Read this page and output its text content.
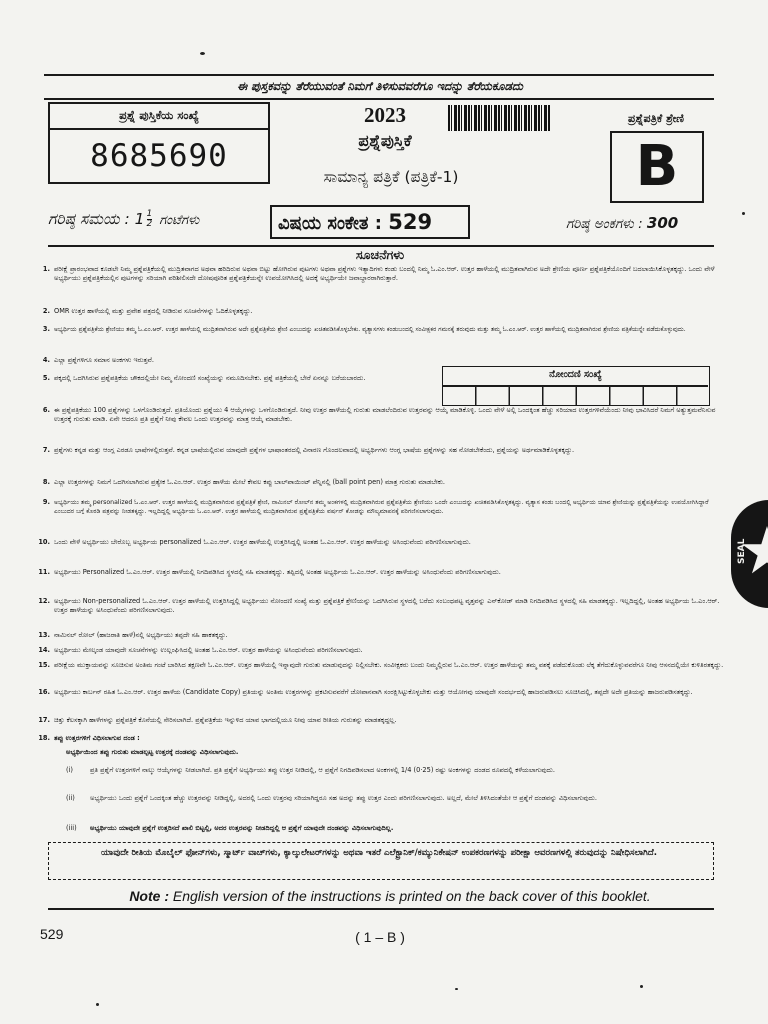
ಈ ಪುಸ್ತಕವನ್ನು ತೆರೆಯುವಂತೆ ನಿಮಗೆ ತಿಳಿಸುವವರೆಗೂ ಇದನ್ನು ತೆರೆಯಕೂಡದು
ಪ್ರಶ್ನೆ ಪುಸ್ತಿಕೆಯ ಸಂಖ್ಯೆ
8685690
2023
ಪ್ರಶ್ನೆಪುಸ್ತಿಕೆ
ಸಾಮಾನ್ಯ ಪತ್ರಿಕೆ (ಪತ್ರಿಕೆ-1)
ಪ್ರಶ್ನೆಪತ್ರಿಕೆ ಶ್ರೇಣಿ
B
ಗರಿಷ್ಠ ಸಮಯ : $1 \frac{1}{2}$ ಗಂಟೆಗಳು	ವಿಷಯ ಸಂಕೇತ : 529	ಗರಿಷ್ಠ ಅಂಕಗಳು : 300
ಸೂಚನೆಗಳು
ನೋಂದಣಿ ಸಂಖ್ಯೆ
1. ಪರೀಕ್ಷೆ ಪ್ರಾರಂಭವಾದ ಕೂಡಲೇ ನಿಮ್ಮ ಪ್ರಶ್ನೆಪತ್ರಿಕೆಯಲ್ಲಿ ಮುದ್ರಿತವಾಗದ ಅಥವಾ ಹರಿದಿರುವ ಅಥವಾ ಬಿಟ್ಟು ಹೋಗಿರುವ ಪುಟಗಳು ಅಥವಾ ಪ್ರಶ್ನೆಗಳು ಇತ್ಯಾದಿಗಳು ಕಂಡು ಬಂದಲ್ಲಿ ನಿಮ್ಮ ಓ.ಎಂ.ಆರ್. ಉತ್ತರ ಹಾಳೆಯಲ್ಲಿ ಮುದ್ರಿತವಾಗಿರುವ ಅದೇ ಶ್ರೇಣಿಯ ಪೂರ್ಣ ಪ್ರಶ್ನೆಪತ್ರಿಕೆಯೊಂದಿಗೆ ಬದಲಾಯಿಸಿಕೊಳ್ಳತಕ್ಕದ್ದು. ಒಂದು ವೇಳೆ ಅಭ್ಯರ್ಥಿಯು ಪ್ರಶ್ನೆಪತ್ರಿಕೆಯಲ್ಲಿನ ಪುಟಗಳನ್ನು ಸರಿಯಾಗಿ ಪರಿಶೀಲಿಸದೇ ದೋಷಪೂರಿತ ಪ್ರಶ್ನೆಪತ್ರಿಕೆಯನ್ನೇ ಉಪಯೋಗಿಸಿದಲ್ಲಿ ಅದಕ್ಕೆ ಅಭ್ಯರ್ಥಿಯೇ ಜವಾಬ್ದಾರರಾಗಿರುತ್ತಾರೆ.
2. OMR ಉತ್ತರ ಹಾಳೆಯಲ್ಲಿ ಮತ್ತು ಪ್ರವೇಶ ಪತ್ರದಲ್ಲಿ ನೀಡಿರುವ ಸೂಚನೆಗಳನ್ನು ಓದಿಕೊಳ್ಳತಕ್ಕದ್ದು.
3. ಅಭ್ಯರ್ಥಿಯ ಪ್ರಶ್ನೆಪತ್ರಿಕೆಯ ಶ್ರೇಣಿಯು ತಮ್ಮ ಓ.ಎಂ.ಆರ್. ಉತ್ತರ ಹಾಳೆಯಲ್ಲಿ ಮುದ್ರಿತವಾಗಿರುವ ಅದೇ ಪ್ರಶ್ನೆಪತ್ರಿಕೆಯ ಶ್ರೇಣಿ ಎಂಬುದನ್ನು ಖಚಿತಪಡಿಸಿಕೊಳ್ಳಬೇಕು. ವ್ಯತ್ಯಾಸಗಳು ಕಂಡುಬಂದಲ್ಲಿ ಸಂವೀಕ್ಷಕರ ಗಮನಕ್ಕೆ ತರುವುದು ಮತ್ತು ತಮ್ಮ ಓ.ಎಂ.ಆರ್. ಉತ್ತರ ಹಾಳೆಯಲ್ಲಿ ಮುದ್ರಿತವಾಗಿರುವ ಶ್ರೇಣಿಯ ಪತ್ರಿಕೆಯನ್ನೇ ಪಡೆದುಕೊಳ್ಳುವುದು.
4. ಎಲ್ಲಾ ಪ್ರಶ್ನೆಗಳಿಗೂ ಸಮಾನ ಅಂಕಗಳು ಇರುತ್ತವೆ.
5. ಪಕ್ಕದಲ್ಲಿ ಒದಗಿಸಿರುವ ಪ್ರಶ್ನೆಪತ್ರಿಕೆಯ ಚೌಕದಲ್ಲಿಯೇ ನಿಮ್ಮ ನೋಂದಣಿ ಸಂಖ್ಯೆಯನ್ನು ನಮೂದಿಸಬೇಕು. ಪ್ರಶ್ನೆ ಪತ್ರಿಕೆಯಲ್ಲಿ ಬೇರೆ ಏನನ್ನೂ ಬರೆಯಬಾರದು.
6. ಈ ಪ್ರಶ್ನೆಪತ್ರಿಕೆಯು 100 ಪ್ರಶ್ನೆಗಳನ್ನು ಒಳಗೊಂಡಿರುತ್ತದೆ. ಪ್ರತಿಯೊಂದು ಪ್ರಶ್ನೆಯು 4 ಆಯ್ಕೆಗಳನ್ನು ಒಳಗೊಂಡಿರುತ್ತದೆ. ನೀವು ಉತ್ತರ ಹಾಳೆಯಲ್ಲಿ ಗುರುತು ಮಾಡಲೆಂದಿರುವ ಉತ್ತರವನ್ನು ಆಯ್ಕೆ ಮಾಡಿಕೊಳ್ಳಿ. ಒಂದು ವೇಳೆ ಅಲ್ಲಿ ಒಂದಕ್ಕಿಂತ ಹೆಚ್ಚು ಸರಿಯಾದ ಉತ್ತರಗಳಿವೆಯೆಂದು ನೀವು ಭಾವಿಸಿದರೆ ನಿಮಗೆ ಅತ್ಯುತ್ತಮವೆನಿಸುವ ಉತ್ತರಕ್ಕೆ ಗುರುತು ಮಾಡಿ. ಏನೇ ಆದರೂ ಪ್ರತಿ ಪ್ರಶ್ನೆಗೆ ನೀವು ಕೇವಲ ಒಂದು ಉತ್ತರವನ್ನು ಮಾತ್ರ ಆಯ್ಕೆ ಮಾಡಬೇಕು.
7. ಪ್ರಶ್ನೆಗಳು ಕನ್ನಡ ಮತ್ತು ಆಂಗ್ಲ ಎರಡೂ ಭಾಷೆಗಳಲ್ಲಿರುತ್ತವೆ. ಕನ್ನಡ ಭಾಷೆಯಲ್ಲಿರುವ ಯಾವುದೇ ಪ್ರಶ್ನೆಗಳ ಭಾಷಾಂತರದಲ್ಲಿ ವಿನಾರಣ ಗೊಂದಲವಾದಲ್ಲಿ ಅಭ್ಯರ್ಥಿಗಳು ಆಂಗ್ಲ ಭಾಷೆಯ ಪ್ರಶ್ನೆಗಳನ್ನು ಸಹ ನೋಡಬೇಕೆಂದು, ಪ್ರಶ್ನೆಯನ್ನು ಅರ್ಥಮಾಡಿಕೊಳ್ಳತಕ್ಕದ್ದು.
8. ಎಲ್ಲಾ ಉತ್ತರಗಳನ್ನು ನಿಮಗೆ ಒದಗಿಸಲಾಗಿರುವ ಪ್ರತ್ಯೇಕ ಓ.ಎಂ.ಆರ್. ಉತ್ತರ ಹಾಳೆಯ ಮೇಲೆ ಕೇವಲ ಕಪ್ಪು ಬಾಲ್‌ಪಾಯಿಂಟ್ ಪೆನ್ನಿನಲ್ಲಿ (ball point pen) ಮಾತ್ರ ಗುರುತು ಮಾಡಬೇಕು.
9. ಅಭ್ಯರ್ಥಿಯು ತಮ್ಮ personalized ಓ.ಎಂ.ಆರ್. ಉತ್ತರ ಹಾಳೆಯಲ್ಲಿ ಮುದ್ರಿತವಾಗಿರುವ ಪ್ರಶ್ನೆಪತ್ರಿಕೆ ಶ್ರೇಣಿ, ನಾಮಿನಲ್ ರೋಲ್‌ನ ತಮ್ಮ ಅಂಕಗಳಲ್ಲಿ ಮುದ್ರಿತವಾಗಿರುವ ಪ್ರಶ್ನೆಪತ್ರಿಕೆಯ ಶ್ರೇಣಿಯು ಒಂದೇ ಎಂಬುದನ್ನು ಖಚಿತಪಡಿಸಿಕೊಳ್ಳತಕ್ಕದ್ದು. ವ್ಯತ್ಯಾಸ ಕಂಡು ಬಂದಲ್ಲಿ ಅಭ್ಯರ್ಥಿಯ ಯಾವ ಶ್ರೇಣಿಯನ್ನು ಪ್ರಶ್ನೆಪತ್ರಿಕೆಯನ್ನು ಉಪಯೋಗಿಸಿದ್ದಾರೆ ಎಂಬುದರ ಬಗ್ಗೆ ಕೊಠಡಿ ಪತ್ರವನ್ನು ನೀಡತಕ್ಕದ್ದು. ಇಲ್ಲದಿದ್ದಲ್ಲಿ ಅಭ್ಯರ್ಥಿಯ ಓ.ಎಂ.ಆರ್. ಉತ್ತರ ಹಾಳೆಯಲ್ಲಿ ಮುದ್ರಿತವಾಗಿರುವ ಪ್ರಶ್ನೆಪತ್ರಿಕೆಯ ವರ್ಷನ್ ಕೋಡನ್ನು ಮೌಲ್ಯಮಾಪನಕ್ಕೆ ಪರಿಗಣಿಸಲಾಗುವುದು.
10. ಒಂದು ವೇಳೆ ಅಭ್ಯರ್ಥಿಯು ಬೇರೊಬ್ಬ ಅಭ್ಯರ್ಥಿಯ personalized ಓ.ಎಂ.ಆರ್. ಉತ್ತರ ಹಾಳೆಯಲ್ಲಿ ಉತ್ತರಿಸಿದ್ದಲ್ಲಿ ಅಂತಹ ಓ.ಎಂ.ಆರ್. ಉತ್ತರ ಹಾಳೆಯನ್ನು ಅಸಿಂಧುವೆಂದು ಪರಿಗಣಿಸಲಾಗುವುದು.
11. ಅಭ್ಯರ್ಥಿಯು Personalized ಓ.ಎಂ.ಆರ್. ಉತ್ತರ ಹಾಳೆಯಲ್ಲಿ ನಿಗದಿಪಡಿಸಿದ ಸ್ಥಳದಲ್ಲಿ ಸಹಿ ಮಾಡತಕ್ಕದ್ದು. ತಪ್ಪಿದಲ್ಲಿ ಅಂತಹ ಅಭ್ಯರ್ಥಿಯ ಓ.ಎಂ.ಆರ್. ಉತ್ತರ ಹಾಳೆಯನ್ನು ಅಸಿಂಧುವೆಂದು ಪರಿಗಣಿಸಲಾಗುವುದು.
12. ಅಭ್ಯರ್ಥಿಯು Non-personalized ಓ.ಎಂ.ಆರ್. ಉತ್ತರ ಹಾಳೆಯಲ್ಲಿ ಉತ್ತರಿಸಿದ್ದಲ್ಲಿ ಅಭ್ಯರ್ಥಿಯು ನೋಂದಣಿ ಸಂಖ್ಯೆ ಮತ್ತು ಪ್ರಶ್ನೆಪತ್ರಿಕೆ ಶ್ರೇಣಿಯನ್ನು ಒದಗಿಸಿರುವ ಸ್ಥಳದಲ್ಲಿ ಬರೆದು ಸಂಬಂಧಪಟ್ಟ ವೃತ್ತವನ್ನು ಎನ್‌ಕೋಡ್ ಮಾಡಿ ನಿಗದಿಪಡಿಸಿದ ಸ್ಥಳದಲ್ಲಿ ಸಹಿ ಮಾಡತಕ್ಕದ್ದು. ಇಲ್ಲದಿದ್ದಲ್ಲಿ, ಅಂತಹ ಅಭ್ಯರ್ಥಿಯ ಓ.ಎಂ.ಆರ್. ಉತ್ತರ ಹಾಳೆಯನ್ನು ಅಸಿಂಧುವೆಂದು ಪರಿಗಣಿಸಲಾಗುವುದು.
13. ನಾಮಿನಲ್ ರೋಲ್ (ಹಾಜರಾತಿ ಹಾಳೆ)ನಲ್ಲಿ ಅಭ್ಯರ್ಥಿಯು ತಪ್ಪದೇ ಸಹಿ ಹಾಕತಕ್ಕದ್ದು.
14. ಅಭ್ಯರ್ಥಿಯು ಮೇಲ್ಕಂಡ ಯಾವುದೇ ಸೂಚನೆಗಳನ್ನು ಉಲ್ಲಂಘಿಸಿದಲ್ಲಿ ಅಂತಹ ಓ.ಎಂ.ಆರ್. ಉತ್ತರ ಹಾಳೆಯನ್ನು ಅಸಿಂಧುವೆಂದು ಪರಿಗಣಿಸಲಾಗುವುದು.
15. ಪರೀಕ್ಷೆಯ ಮುಕ್ತಾಯವನ್ನು ಸೂಚಿಸುವ ಅಂತಿಮ ಗಂಟೆ ಬಾರಿಸಿದ ತಕ್ಷಣವೇ ಓ.ಎಂ.ಆರ್. ಉತ್ತರ ಹಾಳೆಯಲ್ಲಿ ಇನ್ನಾವುದೇ ಗುರುತು ಮಾಡುವುದನ್ನು ನಿಲ್ಲಿಸಬೇಕು. ಸಂವೀಕ್ಷಕರು ಬಂದು ನಿಮ್ಮಲ್ಲಿರುವ ಓ.ಎಂ.ಆರ್. ಉತ್ತರ ಹಾಳೆಯನ್ನು ತಮ್ಮ ವಶಕ್ಕೆ ಪಡೆದುಕೊಂಡು ಲೆಕ್ಕ ತೆಗೆದುಕೊಳ್ಳುವವರೆಗೂ ನೀವು ಆಸನದಲ್ಲಿಯೇ ಕುಳಿತಿರತಕ್ಕದ್ದು.
16. ಅಭ್ಯರ್ಥಿಯು ಕಾರ್ಬನ್ ರಹಿತ ಓ.ಎಂ.ಆರ್. ಉತ್ತರ ಹಾಳೆಯ (Candidate Copy) ಪ್ರತಿಯನ್ನು ಅಂತಿಮ ಉತ್ತರಗಳನ್ನು ಪ್ರಕಟಿಸುವವರೆಗೆ ಜೋಪಾನವಾಗಿ ಸಂರಕ್ಷಿಸಿಟ್ಟುಕೊಳ್ಳಬೇಕು ಮತ್ತು ಆಯೋಗವು ಯಾವುದೇ ಸಂದರ್ಭದಲ್ಲಿ ಹಾಜರುಪಡಿಸಲು ಸೂಚಿಸಿದಲ್ಲಿ, ತಪ್ಪದೇ ಅದೇ ಪ್ರತಿಯನ್ನು ಹಾಜರುಪಡಿಸತಕ್ಕದ್ದು.
17. ಚಿತ್ತು ಕೆಲಸಕ್ಕಾಗಿ ಹಾಳೆಗಳನ್ನು ಪ್ರಶ್ನೆಪತ್ರಿಕೆ ಕೊನೆಯಲ್ಲಿ ಸೇರಿಸಲಾಗಿದೆ. ಪ್ರಶ್ನೆಪತ್ರಿಕೆಯ ಇನ್ನುಳಿದ ಯಾವ ಭಾಗದಲ್ಲಿಯೂ ನೀವು ಯಾವ ರೀತಿಯ ಗುರುತನ್ನು ಮಾಡತಕ್ಕದ್ದಲ್ಲ.
18. ತಪ್ಪು ಉತ್ತರಗಳಿಗೆ ವಿಧಿಸಲಾಗುವ ದಂಡ :
ಅಭ್ಯರ್ಥಿಯಿಂದ ತಪ್ಪು ಗುರುತು ಮಾಡಲ್ಪಟ್ಟ ಉತ್ತರಕ್ಕೆ ದಂಡವನ್ನು ವಿಧಿಸಲಾಗುವುದು.
(i)	ಪ್ರತಿ ಪ್ರಶ್ನೆಗೆ ಉತ್ತರಗಳಿಗೆ ನಾಲ್ಕು ಆಯ್ಕೆಗಳನ್ನು ನೀಡಲಾಗಿದೆ. ಪ್ರತಿ ಪ್ರಶ್ನೆಗೆ ಅಭ್ಯರ್ಥಿಯು ತಪ್ಪು ಉತ್ತರ ನೀಡಿದಲ್ಲಿ, ಆ ಪ್ರಶ್ನೆಗೆ ನಿಗದಿಪಡಿಸಲಾದ ಅಂಕಗಳಲ್ಲಿ 1/4 (0·25) ರಷ್ಟು ಅಂಕಗಳನ್ನು ದಂಡದ ರೂಪದಲ್ಲಿ ಕಳೆಯಲಾಗುವುದು.
(ii) ಅಭ್ಯರ್ಥಿಯು ಒಂದು ಪ್ರಶ್ನೆಗೆ ಒಂದಕ್ಕಿಂತ ಹೆಚ್ಚು ಉತ್ತರವನ್ನು ನೀಡಿದ್ದಲ್ಲಿ, ಅದರಲ್ಲಿ ಒಂದು ಉತ್ತರವು ಸರಿಯಾಗಿದ್ದರೂ ಸಹ ಅದನ್ನು ತಪ್ಪು ಉತ್ತರ ಎಂದು ಪರಿಗಣಿಸಲಾಗುವುದು. ಅಲ್ಲದೆ, ಮೇಲೆ ತಿಳಿಸಿದಂತೆಯೇ ಆ ಪ್ರಶ್ನೆಗೆ ದಂಡವನ್ನು ವಿಧಿಸಲಾಗುವುದು.
(iii) ಅಭ್ಯರ್ಥಿಯು ಯಾವುದೇ ಪ್ರಶ್ನೆಗೆ ಉತ್ತರಿಸದೆ ಖಾಲಿ ಬಿಟ್ಟಲ್ಲಿ, ಅದರ ಉತ್ತರವನ್ನು ನೀಡದಿದ್ದಲ್ಲಿ ಆ ಪ್ರಶ್ನೆಗೆ ಯಾವುದೇ ದಂಡವನ್ನು ವಿಧಿಸಲಾಗುವುದಿಲ್ಲ.
ಯಾವುದೇ ರೀತಿಯ ಮೊಬೈಲ್ ಫೋನ್‌ಗಳು, ಸ್ಮಾರ್ಟ್ ವಾಚ್‌ಗಳು, ಕ್ಯಾಲ್ಕುಲೇಟರ್‌ಗಳನ್ನು ಅಥವಾ ಇತರೆ ಎಲೆಕ್ಟ್ರಾನಿಕ್/ಕಮ್ಯುನಿಕೇಷನ್ ಉಪಕರಣಗಳನ್ನು ಪರೀಕ್ಷಾ ಆವರಣಗಳಲ್ಲಿ ತರುವುದನ್ನು ನಿಷೇಧಿಸಲಾಗಿದೆ.
Note : English version of the instructions is printed on the back cover of this booklet.
529	( 1 – B )
SEAL
